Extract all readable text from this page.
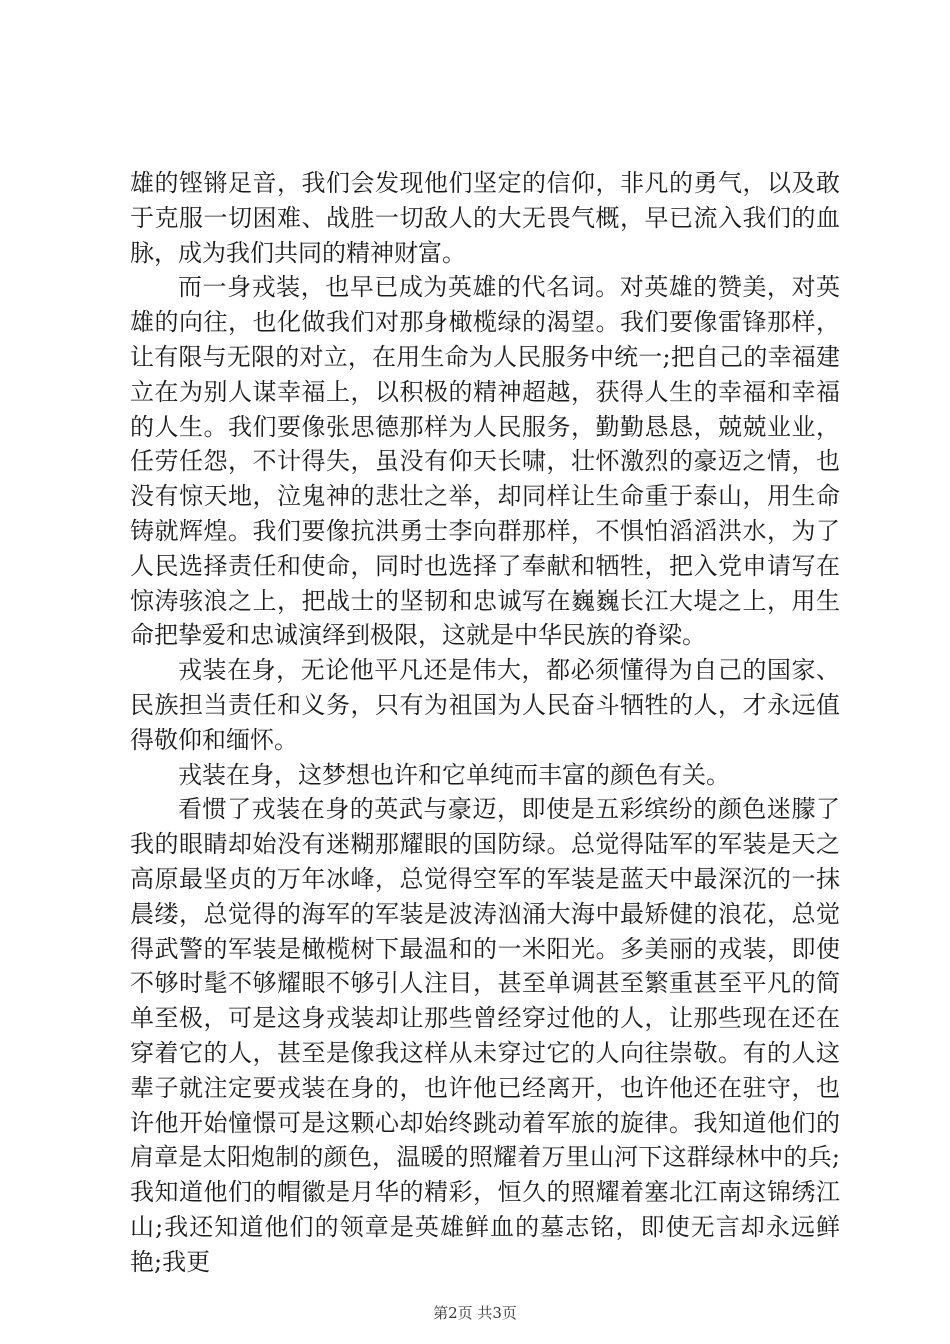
雄的铿锵足音，我们会发现他们坚定的信仰，非凡的勇气，以及敢于克服一切困难、战胜一切敌人的大无畏气概，早已流入我们的血脉，成为我们共同的精神财富。

而一身戎装，也早已成为英雄的代名词。对英雄的赞美，对英雄的向往，也化做我们对那身橄榄绿的渴望。我们要像雷锋那样，让有限与无限的对立，在用生命为人民服务中统一;把自己的幸福建立在为别人谋幸福上，以积极的精神超越，获得人生的幸福和幸福的人生。我们要像张思德那样为人民服务，勤勤恳恳，兢兢业业，任劳任怨，不计得失，虽没有仰天长啸，壮怀激烈的豪迈之情，也没有惊天地，泣鬼神的悲壮之举，却同样让生命重于泰山，用生命铸就辉煌。我们要像抗洪勇士李向群那样，不惧怕滔滔洪水，为了人民选择责任和使命，同时也选择了奉献和牺牲，把入党申请写在惊涛骇浪之上，把战士的坚韧和忠诚写在巍巍长江大堤之上，用生命把挚爱和忠诚演绎到极限，这就是中华民族的脊梁。

戎装在身，无论他平凡还是伟大，都必须懂得为自己的国家、民族担当责任和义务，只有为祖国为人民奋斗牺牲的人，才永远值得敬仰和缅怀。

戎装在身，这梦想也许和它单纯而丰富的颜色有关。

看惯了戎装在身的英武与豪迈，即使是五彩缤纷的颜色迷朦了我的眼睛却始没有迷糊那耀眼的国防绿。总觉得陆军的军装是天之高原最坚贞的万年冰峰，总觉得空军的军装是蓝天中最深沉的一抹晨缕，总觉得的海军的军装是波涛汹涌大海中最矫健的浪花，总觉得武警的军装是橄榄树下最温和的一米阳光。多美丽的戎装，即使不够时髦不够耀眼不够引人注目，甚至单调甚至繁重甚至平凡的简单至极，可是这身戎装却让那些曾经穿过他的人，让那些现在还在穿着它的人，甚至是像我这样从未穿过它的人向往崇敬。有的人这辈子就注定要戎装在身的，也许他已经离开，也许他还在驻守，也许他开始憧憬可是这颗心却始终跳动着军旅的旋律。我知道他们的肩章是太阳炮制的颜色，温暖的照耀着万里山河下这群绿林中的兵;我知道他们的帽徽是月华的精彩，恒久的照耀着塞北江南这锦绣江山;我还知道他们的领章是英雄鲜血的墓志铭，即使无言却永远鲜艳;我更

第2页 共3页
